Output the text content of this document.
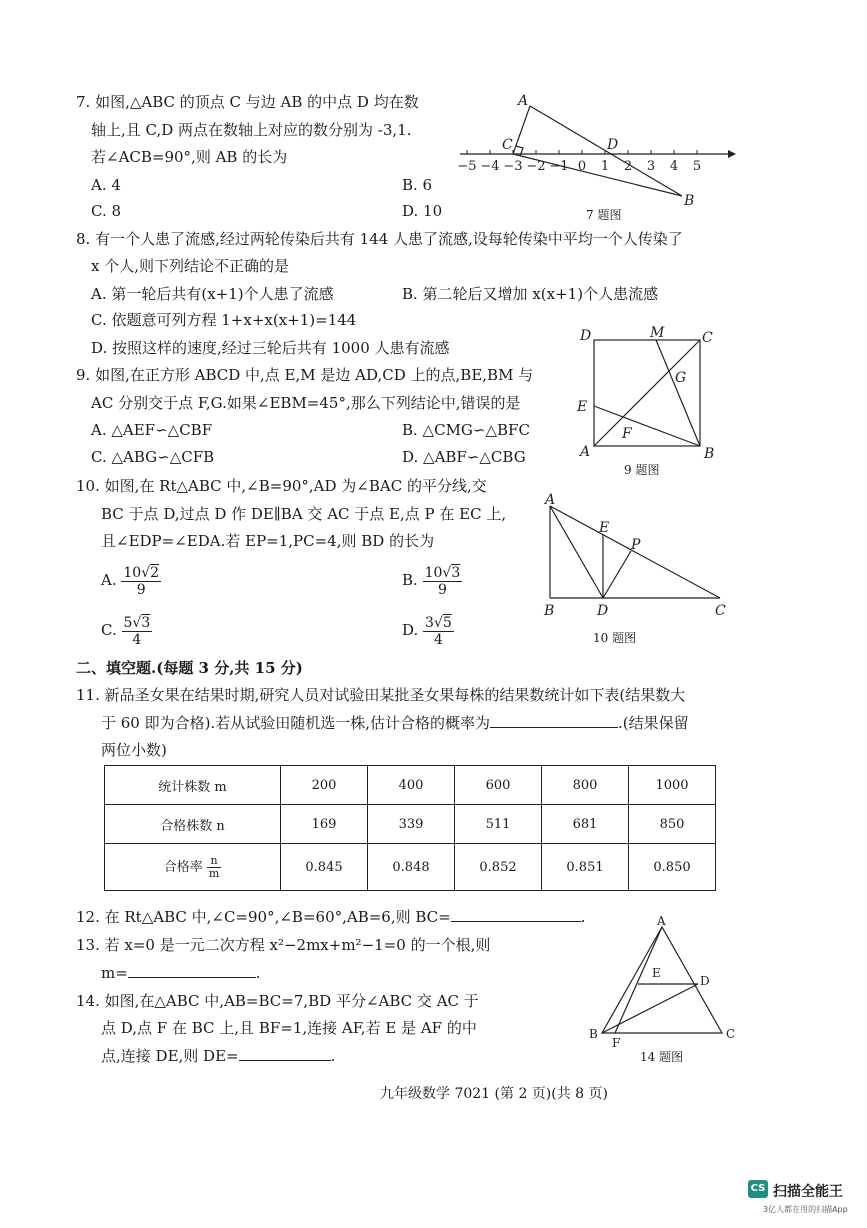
7. 如图,△ABC 的顶点 C 与边 AB 的中点 D 均在数
轴上,且 C,D 两点在数轴上对应的数分别为 -3,1.
若∠ACB=90°,则 AB 的长为
A. 4	B. 6
C. 8	D. 10
−5 −4 −3 −2 −1 0 1 2 3 4 5
A
C	D
B
7 题图
8. 有一个人患了流感,经过两轮传染后共有 144 人患了流感,设每轮传染中平均一个人传染了
x 个人,则下列结论不正确的是
A. 第一轮后共有(x+1)个人患了流感	B. 第二轮后又增加 x(x+1)个人患流感
C. 依题意可列方程 1+x+x(x+1)=144
D. 按照这样的速度,经过三轮后共有 1000 人患有流感
9. 如图,在正方形 ABCD 中,点 E,M 是边 AD,CD 上的点,BE,BM 与
AC 分别交于点 F,G.如果∠EBM=45°,那么下列结论中,错误的是
A. △AEF∽△CBF	B. △CMG∽△BFC
C. △ABG∽△CFB	D. △ABF∽△CBG
D	M	C
G
E
F
A	B
9 题图
10. 如图,在 Rt△ABC 中,∠B=90°,AD 为∠BAC 的平分线,交
BC 于点 D,过点 D 作 DE∥BA 交 AC 于点 E,点 P 在 EC 上,
且∠EDP=∠EDA.若 EP=1,PC=4,则 BD 的长为
A. $\frac{10√2}{9}$	B. $\frac{10√3}{9}$
C. $\frac{5√3}{4}$	D. $\frac{3√5}{4}$
A
E
P
B	D	C
10 题图
二、填空题.(每题 3 分,共 15 分)
11. 新品圣女果在结果时期,研究人员对试验田某批圣女果每株的结果数统计如下表(结果数大
于 60 即为合格).若从试验田随机选一株,估计合格的概率为	.(结果保留
两位小数)
统计株数 m	200	400	600	800	1000
合格株数 n	169	339	511	681	850
合格率 $\frac{n}{m}$	0.845	0.848	0.852	0.851	0.850
12. 在 Rt△ABC 中,∠C=90°,∠B=60°,AB=6,则 BC=	.
13. 若 x=0 是一元二次方程 x²−2mx+m²−1=0 的一个根,则
m=	.
14. 如图,在△ABC 中,AB=BC=7,BD 平分∠ABC 交 AC 于
点 D,点 F 在 BC 上,且 BF=1,连接 AF,若 E 是 AF 的中
点,连接 DE,则 DE=	.
A
E
D
B
F
C
14 题图
九年级数学 7021 (第 2 页)(共 8 页)
CS 扫描全能王
3亿人都在用的扫描App
